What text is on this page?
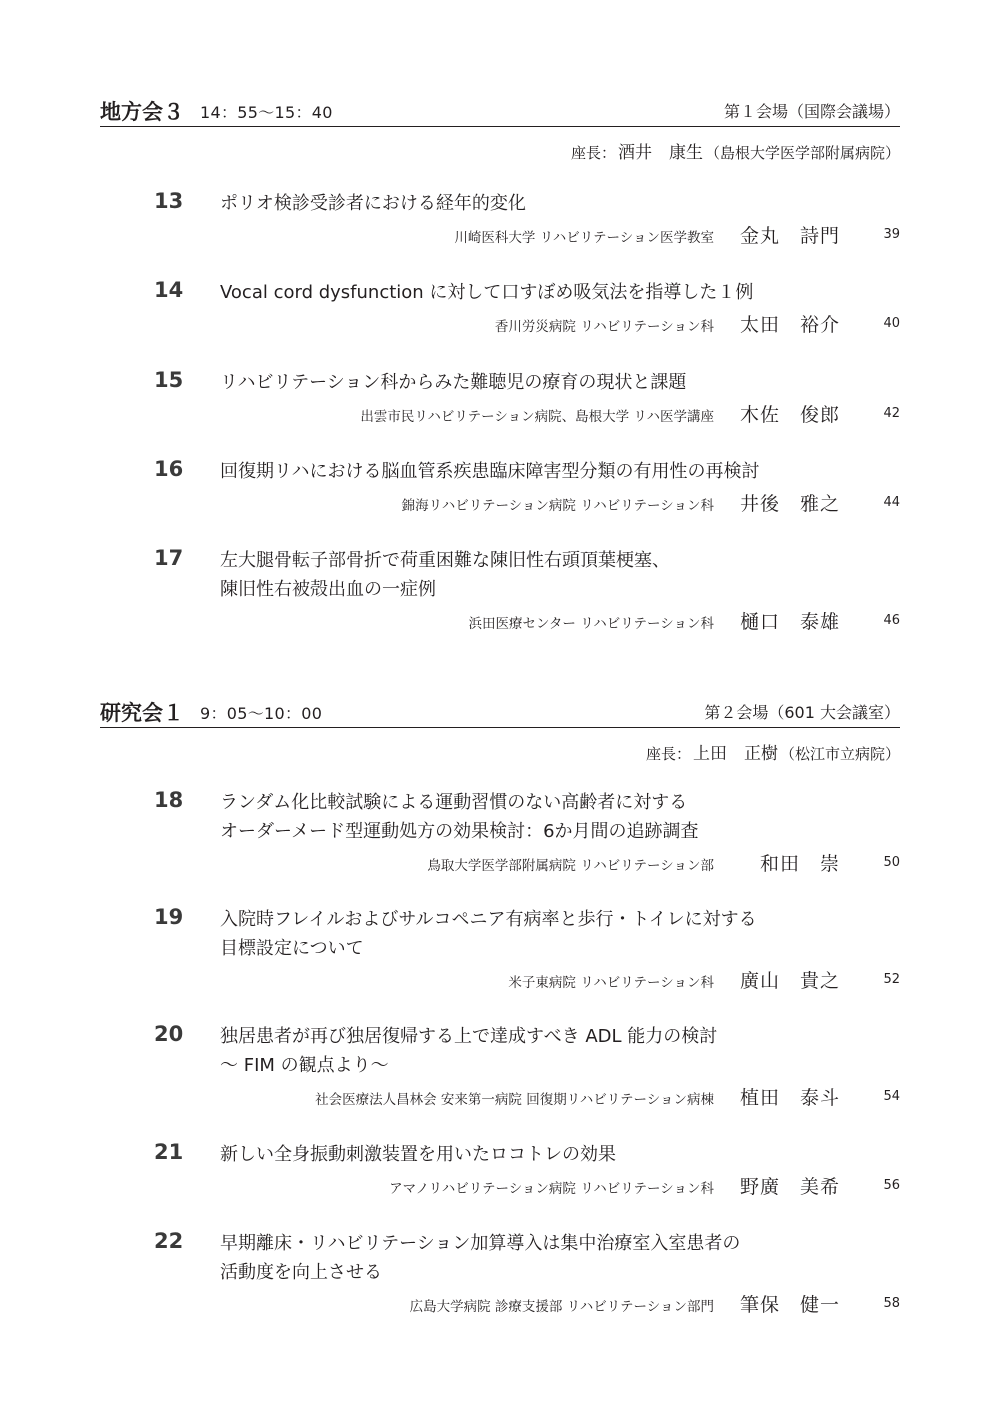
地方会３ 14：55～15：40	第１会場（国際会議場）
座長： 酒井　康生 （島根大学医学部附属病院）
13 ポリオ検診受診者における経年的変化
川崎医科大学 リハビリテーション医学教室 金丸　詩門	39
14 Vocal cord dysfunction に対して口すぼめ吸気法を指導した１例
香川労災病院 リハビリテーション科 太田　裕介	40
15 リハビリテーション科からみた難聴児の療育の現状と課題
出雲市民リハビリテーション病院、島根大学 リハ医学講座 木佐　俊郎	42
16 回復期リハにおける脳血管系疾患臨床障害型分類の有用性の再検討
錦海リハビリテーション病院 リハビリテーション科 井後　雅之	44
17 左大腿骨転子部骨折で荷重困難な陳旧性右頭頂葉梗塞、
陳旧性右被殻出血の一症例
浜田医療センター リハビリテーション科 樋口　泰雄	46
研究会１ 9：05～10：00	第２会場（601 大会議室）
座長： 上田　正樹 （松江市立病院）
18 ランダム化比較試験による運動習慣のない高齢者に対する
オーダーメード型運動処方の効果検討：6か月間の追跡調査
鳥取大学医学部附属病院 リハビリテーション部 和田　崇	50
19 入院時フレイルおよびサルコペニア有病率と歩行・トイレに対する
目標設定について
米子東病院 リハビリテーション科 廣山　貴之	52
20 独居患者が再び独居復帰する上で達成すべき ADL 能力の検討
～ FIM の観点より～
社会医療法人昌林会 安来第一病院 回復期リハビリテーション病棟 植田　泰斗	54
21 新しい全身振動刺激装置を用いたロコトレの効果
アマノリハビリテーション病院 リハビリテーション科 野廣　美希	56
22 早期離床・リハビリテーション加算導入は集中治療室入室患者の
活動度を向上させる
広島大学病院 診療支援部 リハビリテーション部門 筆保　健一	58
